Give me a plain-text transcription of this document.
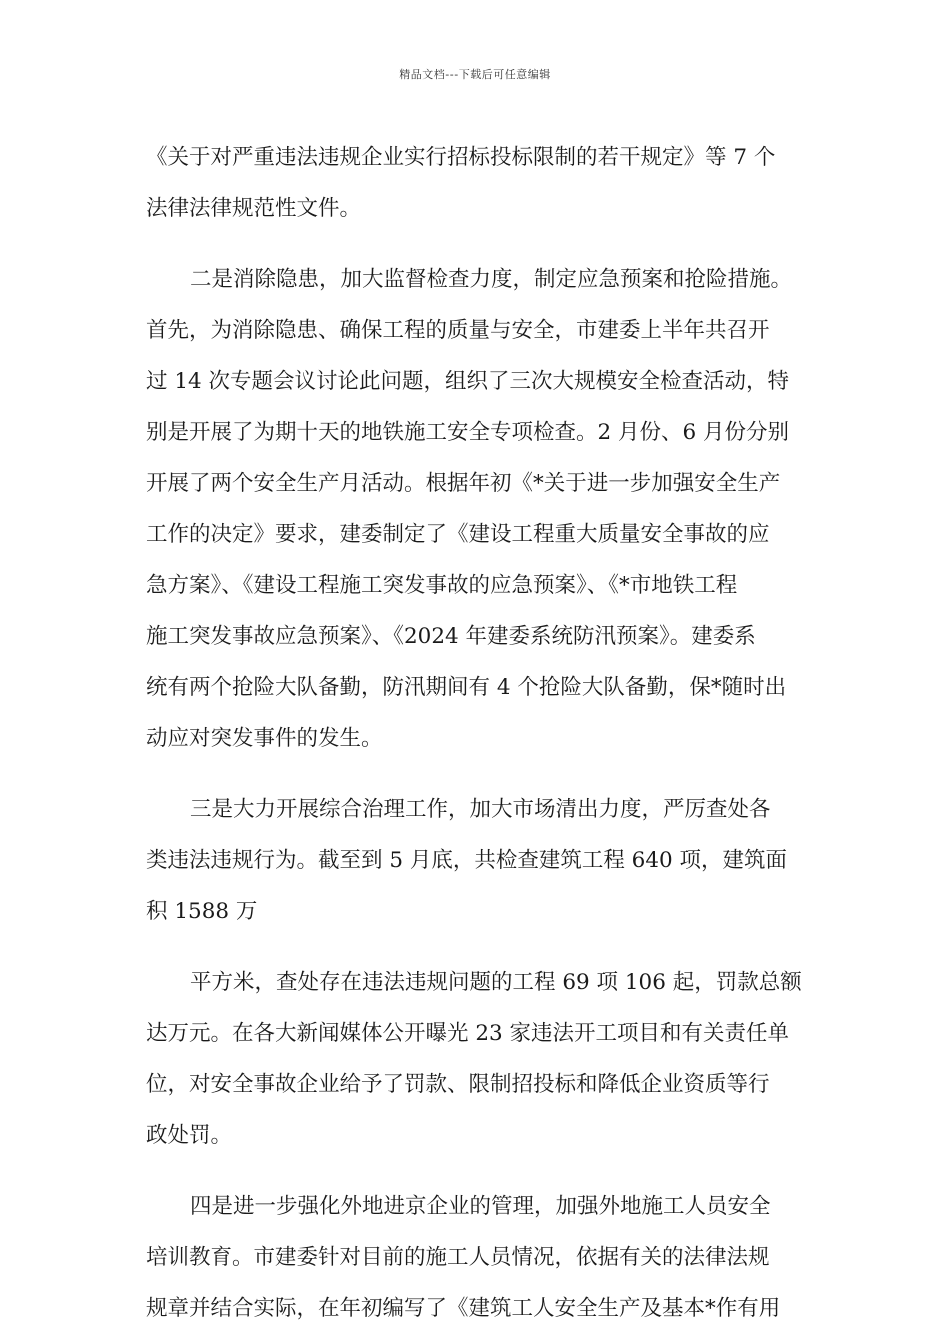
精品文档---下载后可任意编辑
《关于对严重违法违规企业实行招标投标限制的若干规定》等 7 个
法律法律规范性文件。
二是消除隐患，加大监督检查力度，制定应急预案和抢险措施。
首先，为消除隐患、确保工程的质量与安全，市建委上半年共召开
过 14 次专题会议讨论此问题，组织了三次大规模安全检查活动，特
别是开展了为期十天的地铁施工安全专项检查。2 月份、6 月份分别
开展了两个安全生产月活动。根据年初《*关于进一步加强安全生产
工作的决定》要求，建委制定了《建设工程重大质量安全事故的应
急方案》、《建设工程施工突发事故的应急预案》、《*市地铁工程
施工突发事故应急预案》、《2024 年建委系统防汛预案》。建委系
统有两个抢险大队备勤，防汛期间有 4 个抢险大队备勤，保*随时出
动应对突发事件的发生。
三是大力开展综合治理工作，加大市场清出力度，严厉查处各
类违法违规行为。截至到 5 月底，共检查建筑工程 640 项，建筑面
积 1588 万
平方米，查处存在违法违规问题的工程 69 项 106 起，罚款总额
达万元。在各大新闻媒体公开曝光 23 家违法开工项目和有关责任单
位，对安全事故企业给予了罚款、限制招投标和降低企业资质等行
政处罚。
四是进一步强化外地进京企业的管理，加强外地施工人员安全
培训教育。市建委针对目前的施工人员情况，依据有关的法律法规
规章并结合实际，在年初编写了《建筑工人安全生产及基本*作有用
